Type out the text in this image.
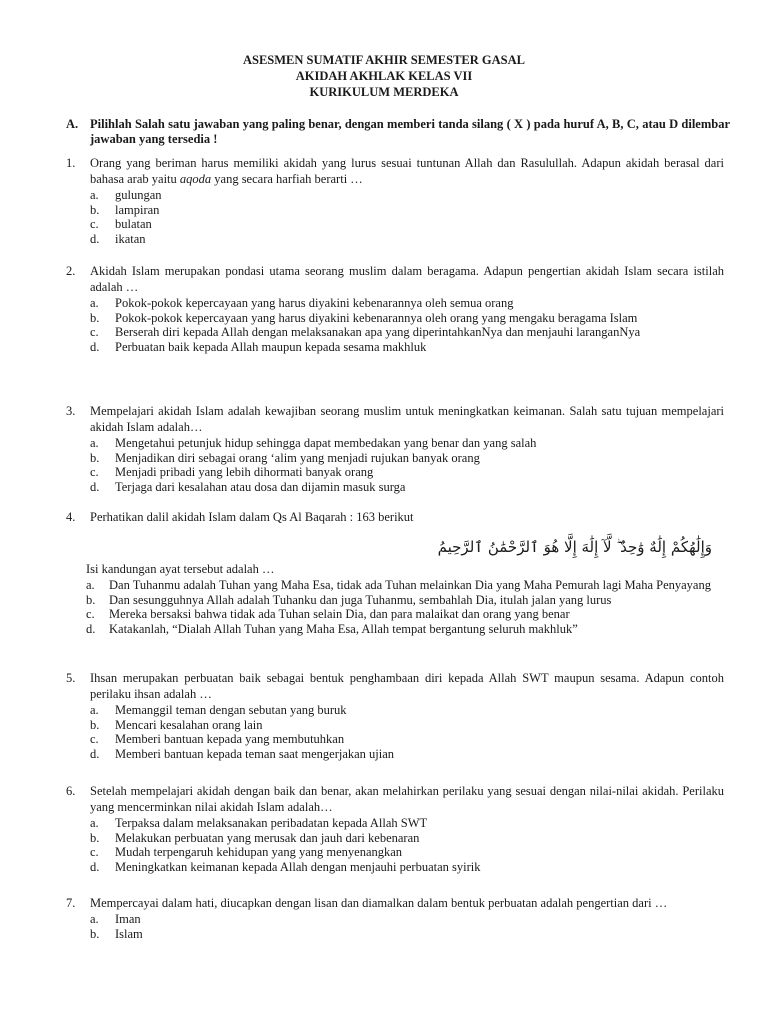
ASESMEN SUMATIF AKHIR SEMESTER GASAL
AKIDAH AKHLAK KELAS VII
KURIKULUM MERDEKA
A. Pilihlah Salah satu jawaban yang paling benar, dengan memberi tanda silang ( X ) pada huruf A, B, C, atau D dilembar jawaban yang tersedia !
1. Orang yang beriman harus memiliki akidah yang lurus sesuai tuntunan Allah dan Rasulullah. Adapun akidah berasal dari bahasa arab yaitu aqoda yang secara harfiah berarti …
a. gulungan
b. lampiran
c. bulatan
d. ikatan
2. Akidah Islam merupakan pondasi utama seorang muslim dalam beragama. Adapun pengertian akidah Islam secara istilah adalah …
a. Pokok-pokok kepercayaan yang harus diyakini kebenarannya oleh semua orang
b. Pokok-pokok kepercayaan yang harus diyakini kebenarannya oleh orang yang mengaku beragama Islam
c. Berserah diri kepada Allah dengan melaksanakan apa yang diperintahkanNya dan menjauhi laranganNya
d. Perbuatan baik kepada Allah maupun kepada sesama makhluk
3. Mempelajari akidah Islam adalah kewajiban seorang muslim untuk meningkatkan keimanan. Salah satu tujuan mempelajari akidah Islam adalah…
a. Mengetahui petunjuk hidup sehingga dapat membedakan yang benar dan yang salah
b. Menjadikan diri sebagai orang ‘alim yang menjadi rujukan banyak orang
c. Menjadi pribadi yang lebih dihormati banyak orang
d. Terjaga dari kesalahan atau dosa dan dijamin masuk surga
4. Perhatikan dalil akidah Islam dalam Qs Al Baqarah : 163 berikut
وَإِلَٰهُكُمْ إِلَٰهٌ وَٰحِدٌ ۖ لَّآ إِلَٰهَ إِلَّا هُوَ ٱلرَّحْمَٰنُ ٱلرَّحِيمُ
Isi kandungan ayat tersebut adalah …
a. Dan Tuhanmu adalah Tuhan yang Maha Esa, tidak ada Tuhan melainkan Dia yang Maha Pemurah lagi Maha Penyayang
b. Dan sesungguhnya Allah adalah Tuhanku dan juga Tuhanmu, sembahlah Dia, itulah jalan yang lurus
c. Mereka bersaksi bahwa tidak ada Tuhan selain Dia, dan para malaikat dan orang yang benar
d. Katakanlah, “Dialah Allah Tuhan yang Maha Esa, Allah tempat bergantung seluruh makhluk”
5. Ihsan merupakan perbuatan baik sebagai bentuk penghambaan diri kepada Allah SWT maupun sesama. Adapun contoh perilaku ihsan adalah …
a. Memanggil teman dengan sebutan yang buruk
b. Mencari kesalahan orang lain
c. Memberi bantuan kepada yang membutuhkan
d. Memberi bantuan kepada teman saat mengerjakan ujian
6. Setelah mempelajari akidah dengan baik dan benar, akan melahirkan perilaku yang sesuai dengan nilai-nilai akidah. Perilaku yang mencerminkan nilai akidah Islam adalah…
a. Terpaksa dalam melaksanakan peribadatan kepada Allah SWT
b. Melakukan perbuatan yang merusak dan jauh dari kebenaran
c. Mudah terpengaruh kehidupan yang yang menyenangkan
d. Meningkatkan keimanan kepada Allah dengan menjauhi perbuatan syirik
7. Mempercayai dalam hati, diucapkan dengan lisan dan diamalkan dalam bentuk perbuatan adalah pengertian dari …
a. Iman
b. Islam
